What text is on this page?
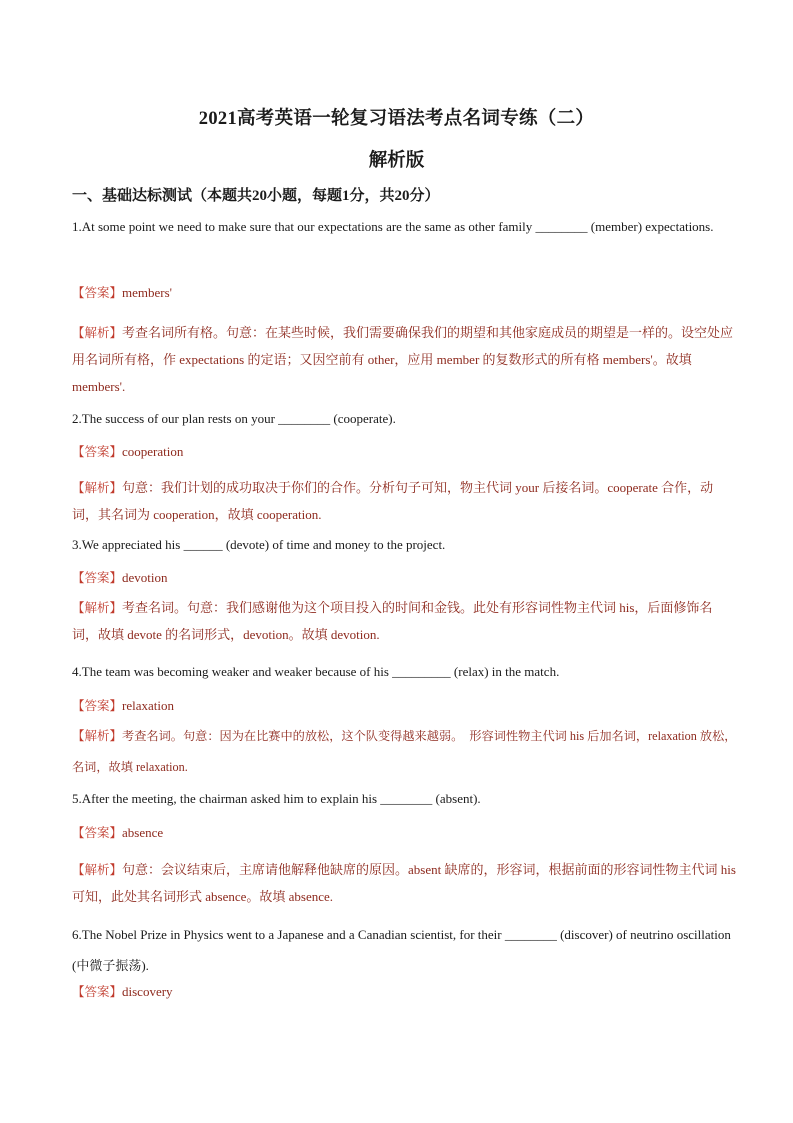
2021高考英语一轮复习语法考点名词专练（二）
解析版
一、基础达标测试（本题共20小题，每题1分，共20分）
1.At some point we need to make sure that our expectations are the same as other family ________ (member) expectations.
【答案】members'
【解析】考查名词所有格。句意：在某些时候，我们需要确保我们的期望和其他家庭成员的期望是一样的。设空处应用名词所有格，作 expectations 的定语；又因空前有 other，应用 member 的复数形式的所有格 members'。故填 members'.
2.The success of our plan rests on your ________ (cooperate).
【答案】cooperation
【解析】句意：我们计划的成功取决于你们的合作。分析句子可知，物主代词 your 后接名词。cooperate 合作，动词，其名词为 cooperation，故填 cooperation.
3.We appreciated his ______ (devote) of time and money to the project.
【答案】devotion
【解析】考查名词。句意：我们感谢他为这个项目投入的时间和金钱。此处有形容词性物主代词 his，后面修饰名词，故填 devote 的名词形式，devotion。故填 devotion.
4.The team was becoming weaker and weaker because of his _________ (relax) in the match.
【答案】relaxation
【解析】考查名词。句意：因为在比赛中的放松，这个队变得越来越弱。　形容词性物主代词 his 后加名词，relaxation 放松，名词，故填 relaxation.
5.After the meeting, the chairman asked him to explain his ________ (absent).
【答案】absence
【解析】句意：会议结束后，主席请他解释他缺席的原因。absent 缺席的，形容词，根据前面的形容词性物主代词 his 可知，此处其名词形式 absence。故填 absence.
6.The Nobel Prize in Physics went to a Japanese and a Canadian scientist, for their ________ (discover) of neutrino oscillation (中微子振荡).
【答案】discovery
